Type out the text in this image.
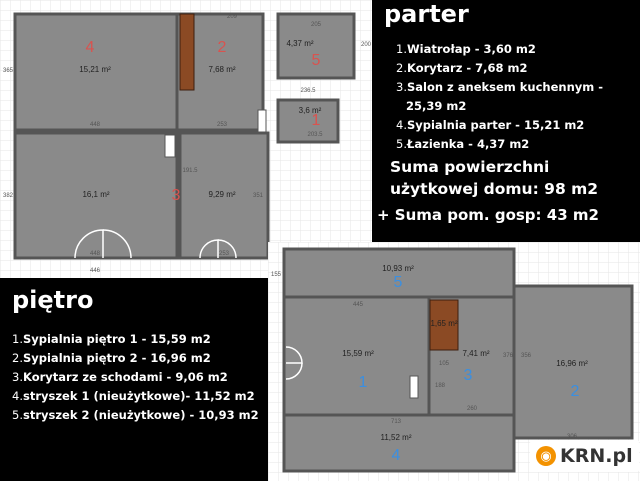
4	2
5
1
3
15,21 m²	7,68 m²
4,37 m²
3,6 m²
16,1 m²	9,29 m²
209
205
200
365
448	253
236.5
203.5
253
448
446
351
382
191.5
5
1	3
2
4
10,93 m²
15,59 m²
1,65 m²
7,41 m²
16,96 m²
11,52 m²
445
713
260
105
188
376 356
155
306
parter
1.Wiatrołap - 3,60 m2
2.Korytarz - 7,68 m2
3.Salon z aneksem kuchennym -
25,39 m2
4.Sypialnia parter - 15,21 m2
5.Łazienka - 4,37 m2
Suma powierzchni
użytkowej domu: 98 m2
+ Suma pom. gosp: 43 m2
piętro
1.Sypialnia piętro 1 - 15,59 m2
2.Sypialnia piętro 2 - 16,96 m2
3.Korytarz ze schodami - 9,06 m2
4.stryszek 1 (nieużytkowe)- 11,52 m2
5.stryszek 2 (nieużytkowe) - 10,93 m2
◉ KRN.pl
